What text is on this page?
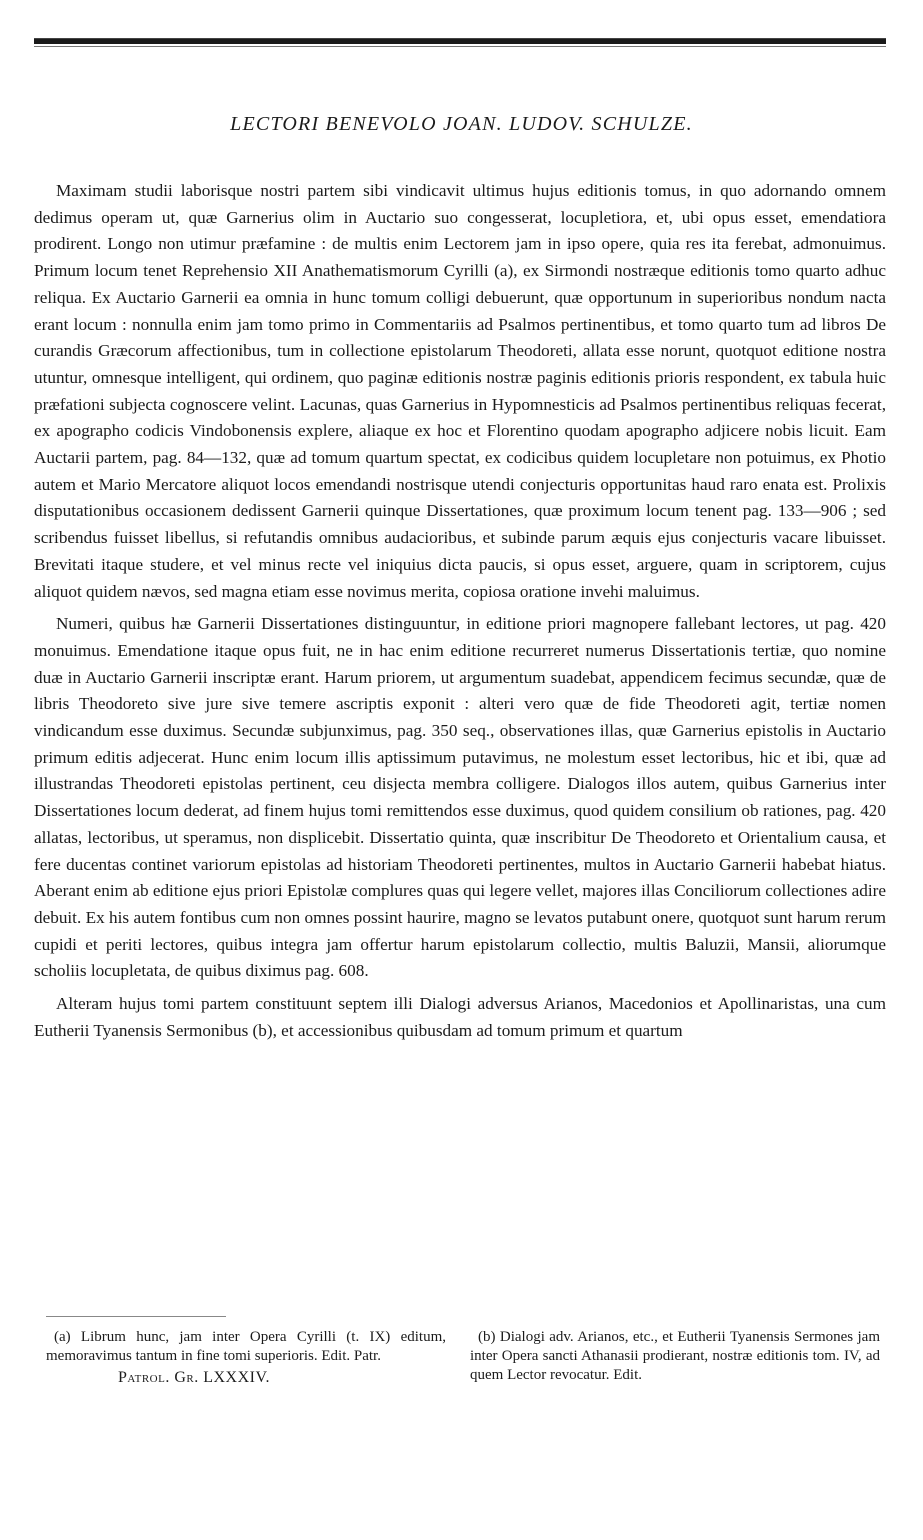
LECTORI BENEVOLO JOAN. LUDOV. SCHULZE.

Maximam studii laborisque nostri partem sibi vindicavit ultimus hujus editionis tomus, in quo adornando omnem dedimus operam ut, quæ Garnerius olim in Auctario suo congesserat, locupletiora, et, ubi opus esset, emendatiora prodirent. Longo non utimur præfamine : de multis enim Lectorem jam in ipso opere, quia res ita ferebat, admonuimus. Primum locum tenet Reprehensio XII Anathematismorum Cyrilli (a), ex Sirmondi nostræque editionis tomo quarto adhuc reliqua. Ex Auctario Garnerii ea omnia in hunc tomum colligi debuerunt, quæ opportunum in superioribus nondum nacta erant locum : nonnulla enim jam tomo primo in Commentariis ad Psalmos pertinentibus, et tomo quarto tum ad libros De curandis Græcorum affectionibus, tum in collectione epistolarum Theodoreti, allata esse norunt, quotquot editione nostra utuntur, omnesque intelligent, qui ordinem, quo paginæ editionis nostræ paginis editionis prioris respondent, ex tabula huic præfationi subjecta cognoscere velint. Lacunas, quas Garnerius in Hypomnesticis ad Psalmos pertinentibus reliquas fecerat, ex apographo codicis Vindobonensis explere, aliaque ex hoc et Florentino quodam apographo adjicere nobis licuit. Eam Auctarii partem, pag. 84—132, quæ ad tomum quartum spectat, ex codicibus quidem locupletare non potuimus, ex Photio autem et Mario Mercatore aliquot locos emendandi nostrisque utendi conjecturis opportunitas haud raro enata est. Prolixis disputationibus occasionem dedissent Garnerii quinque Dissertationes, quæ proximum locum tenent pag. 133—906 ; sed scribendus fuisset libellus, si refutandis omnibus audacioribus, et subinde parum æquis ejus conjecturis vacare libuisset. Brevitati itaque studere, et vel minus recte vel iniquius dicta paucis, si opus esset, arguere, quam in scriptorem, cujus aliquot quidem nævos, sed magna etiam esse novimus merita, copiosa oratione invehi maluimus.

Numeri, quibus hæ Garnerii Dissertationes distinguuntur, in editione priori magnopere fallebant lectores, ut pag. 420 monuimus. Emendatione itaque opus fuit, ne in hac enim editione recurreret numerus Dissertationis tertiæ, quo nomine duæ in Auctario Garnerii inscriptæ erant. Harum priorem, ut argumentum suadebat, appendicem fecimus secundæ, quæ de libris Theodoreto sive jure sive temere ascriptis exponit : alteri vero quæ de fide Theodoreti agit, tertiæ nomen vindicandum esse duximus. Secundæ subjunximus, pag. 350 seq., observationes illas, quæ Garnerius epistolis in Auctario primum editis adjecerat. Hunc enim locum illis aptissimum putavimus, ne molestum esset lectoribus, hic et ibi, quæ ad illustrandas Theodoreti epistolas pertinent, ceu disjecta membra colligere. Dialogos illos autem, quibus Garnerius inter Dissertationes locum dederat, ad finem hujus tomi remittendos esse duximus, quod quidem consilium ob rationes, pag. 420 allatas, lectoribus, ut speramus, non displicebit. Dissertatio quinta, quæ inscribitur De Theodoreto et Orientalium causa, et fere ducentas continet variorum epistolas ad historiam Theodoreti pertinentes, multos in Auctario Garnerii habebat hiatus. Aberant enim ab editione ejus priori Epistolæ complures quas qui legere vellet, majores illas Conciliorum collectiones adire debuit. Ex his autem fontibus cum non omnes possint haurire, magno se levatos putabunt onere, quotquot sunt harum rerum cupidi et periti lectores, quibus integra jam offertur harum epistolarum collectio, multis Baluzii, Mansii, aliorumque scholiis locupletata, de quibus diximus pag. 608.

Alteram hujus tomi partem constituunt septem illi Dialogi adversus Arianos, Macedonios et Apollinaristas, una cum Eutherii Tyanensis Sermonibus (b), et accessionibus quibusdam ad tomum primum et quartum

(a) Librum hunc, jam inter Opera Cyrilli (t. IX) editum, memoravimus tantum in fine tomi superioris. Edit. Patr.

Patrol. Gr. LXXXIV.

(b) Dialogi adv. Arianos, etc., et Eutherii Tyanensis Sermones jam inter Opera sancti Athanasii prodierant, nostræ editionis tom. IV, ad quem Lector revocatur. Edit.
